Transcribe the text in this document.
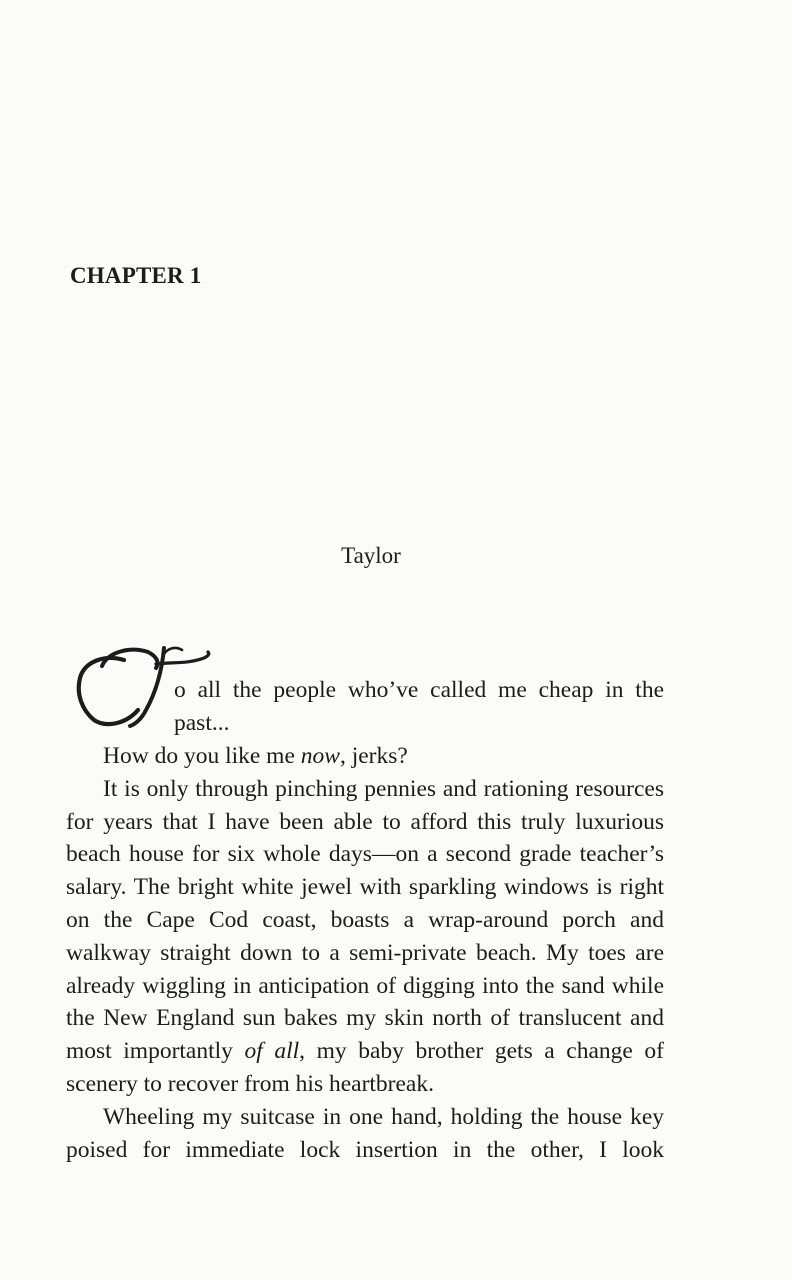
CHAPTER 1
Taylor
o all the people who’ve called me cheap in the
past...

How do you like me now, jerks?

It is only through pinching pennies and rationing resources for years that I have been able to afford this truly luxurious beach house for six whole days—on a second grade teacher’s salary. The bright white jewel with sparkling windows is right on the Cape Cod coast, boasts a wrap-around porch and walkway straight down to a semi-private beach. My toes are already wiggling in anticipation of digging into the sand while the New England sun bakes my skin north of translucent and most importantly of all, my baby brother gets a change of scenery to recover from his heartbreak.

Wheeling my suitcase in one hand, holding the house key poised for immediate lock insertion in the other, I look
